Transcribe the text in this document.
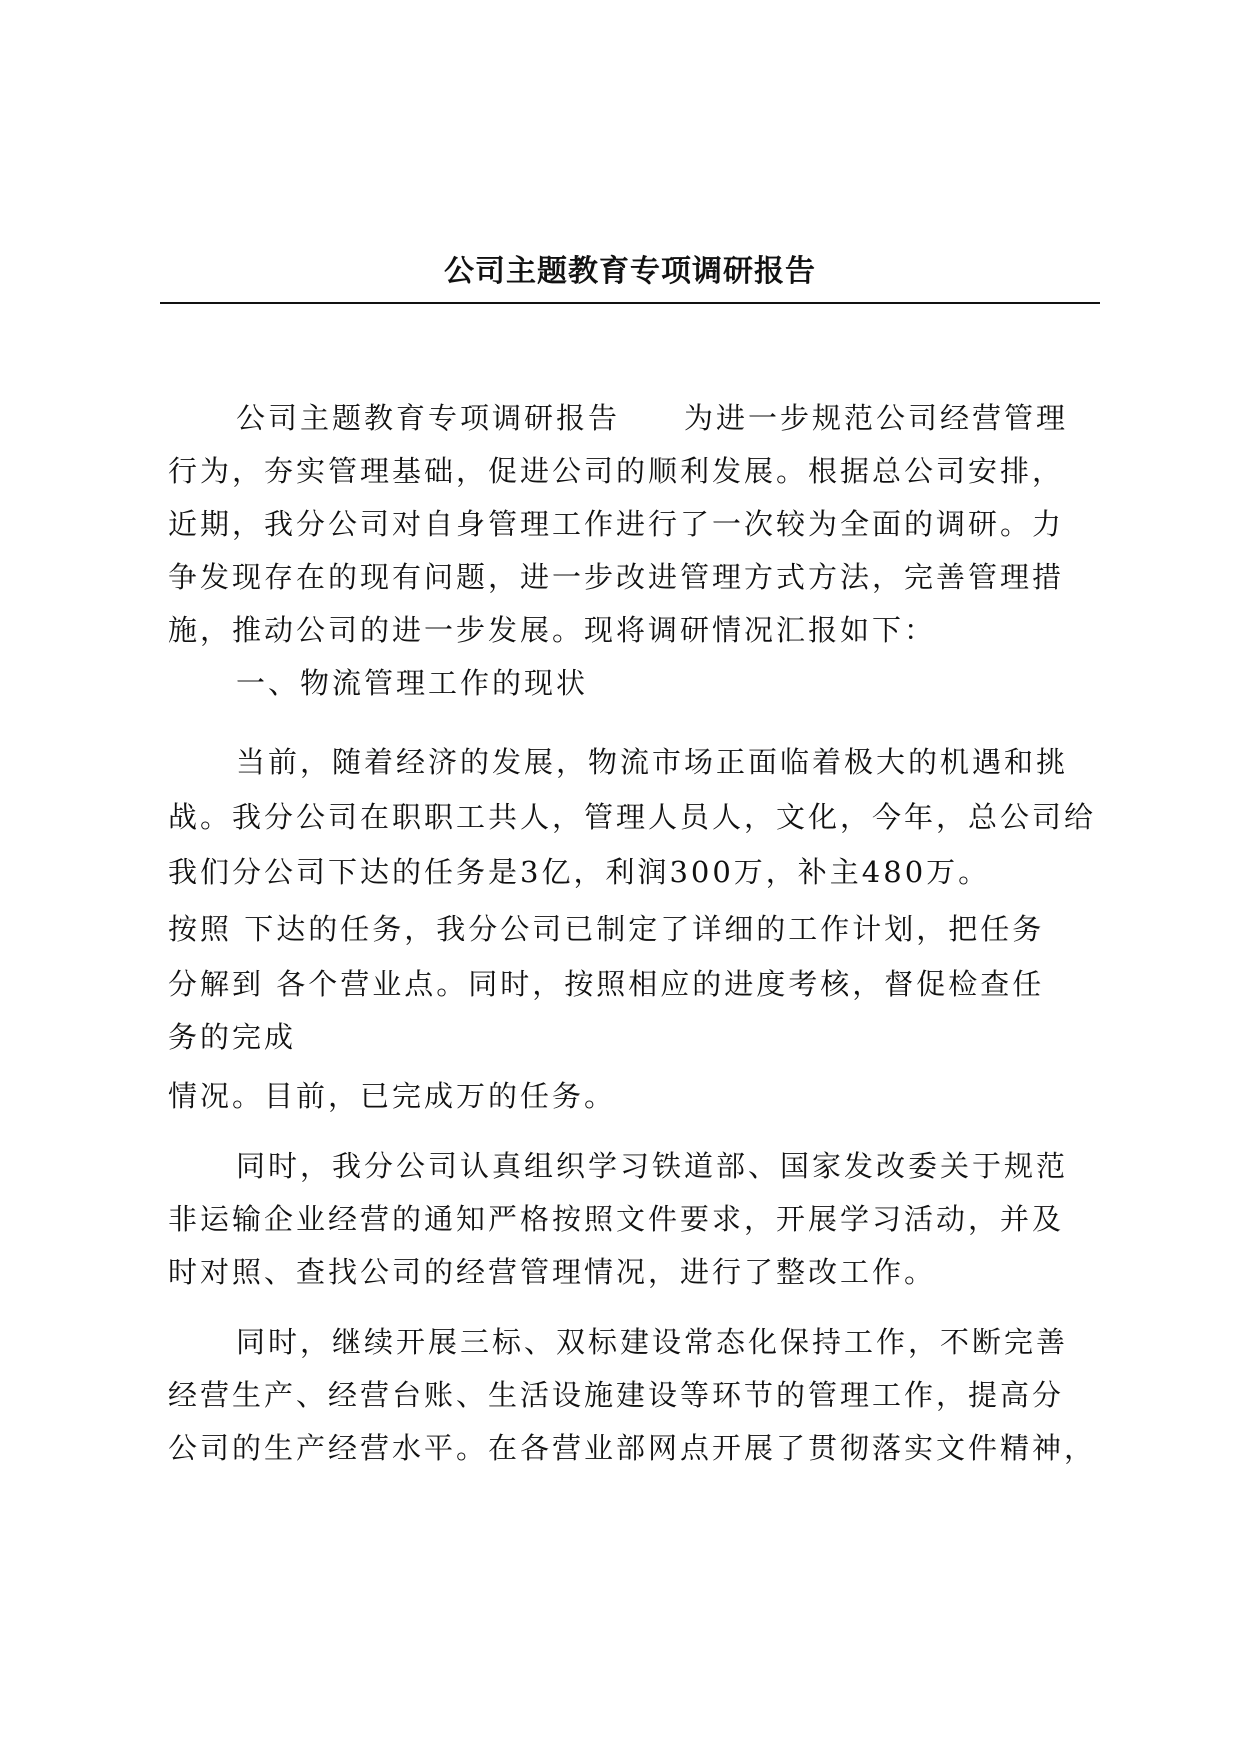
公司主题教育专项调研报告
公司主题教育专项调研报告　　为进一步规范公司经营管理
行为，夯实管理基础，促进公司的顺利发展。根据总公司安排，
近期，我分公司对自身管理工作进行了一次较为全面的调研。力
争发现存在的现有问题，进一步改进管理方式方法，完善管理措
施，推动公司的进一步发展。现将调研情况汇报如下：
一、物流管理工作的现状
当前，随着经济的发展，物流市场正面临着极大的机遇和挑
战。我分公司在职职工共人，管理人员人，文化，今年，总公司给
我们分公司下达的任务是3亿，利润300万，补主480万。
按照 下达的任务，我分公司已制定了详细的工作计划，把任务
分解到 各个营业点。同时，按照相应的进度考核，督促检查任
务的完成
情况。目前，已完成万的任务。
同时，我分公司认真组织学习铁道部、国家发改委关于规范
非运输企业经营的通知严格按照文件要求，开展学习活动，并及
时对照、查找公司的经营管理情况，进行了整改工作。
同时，继续开展三标、双标建设常态化保持工作，不断完善
经营生产、经营台账、生活设施建设等环节的管理工作，提高分
公司的生产经营水平。在各营业部网点开展了贯彻落实文件精神，
